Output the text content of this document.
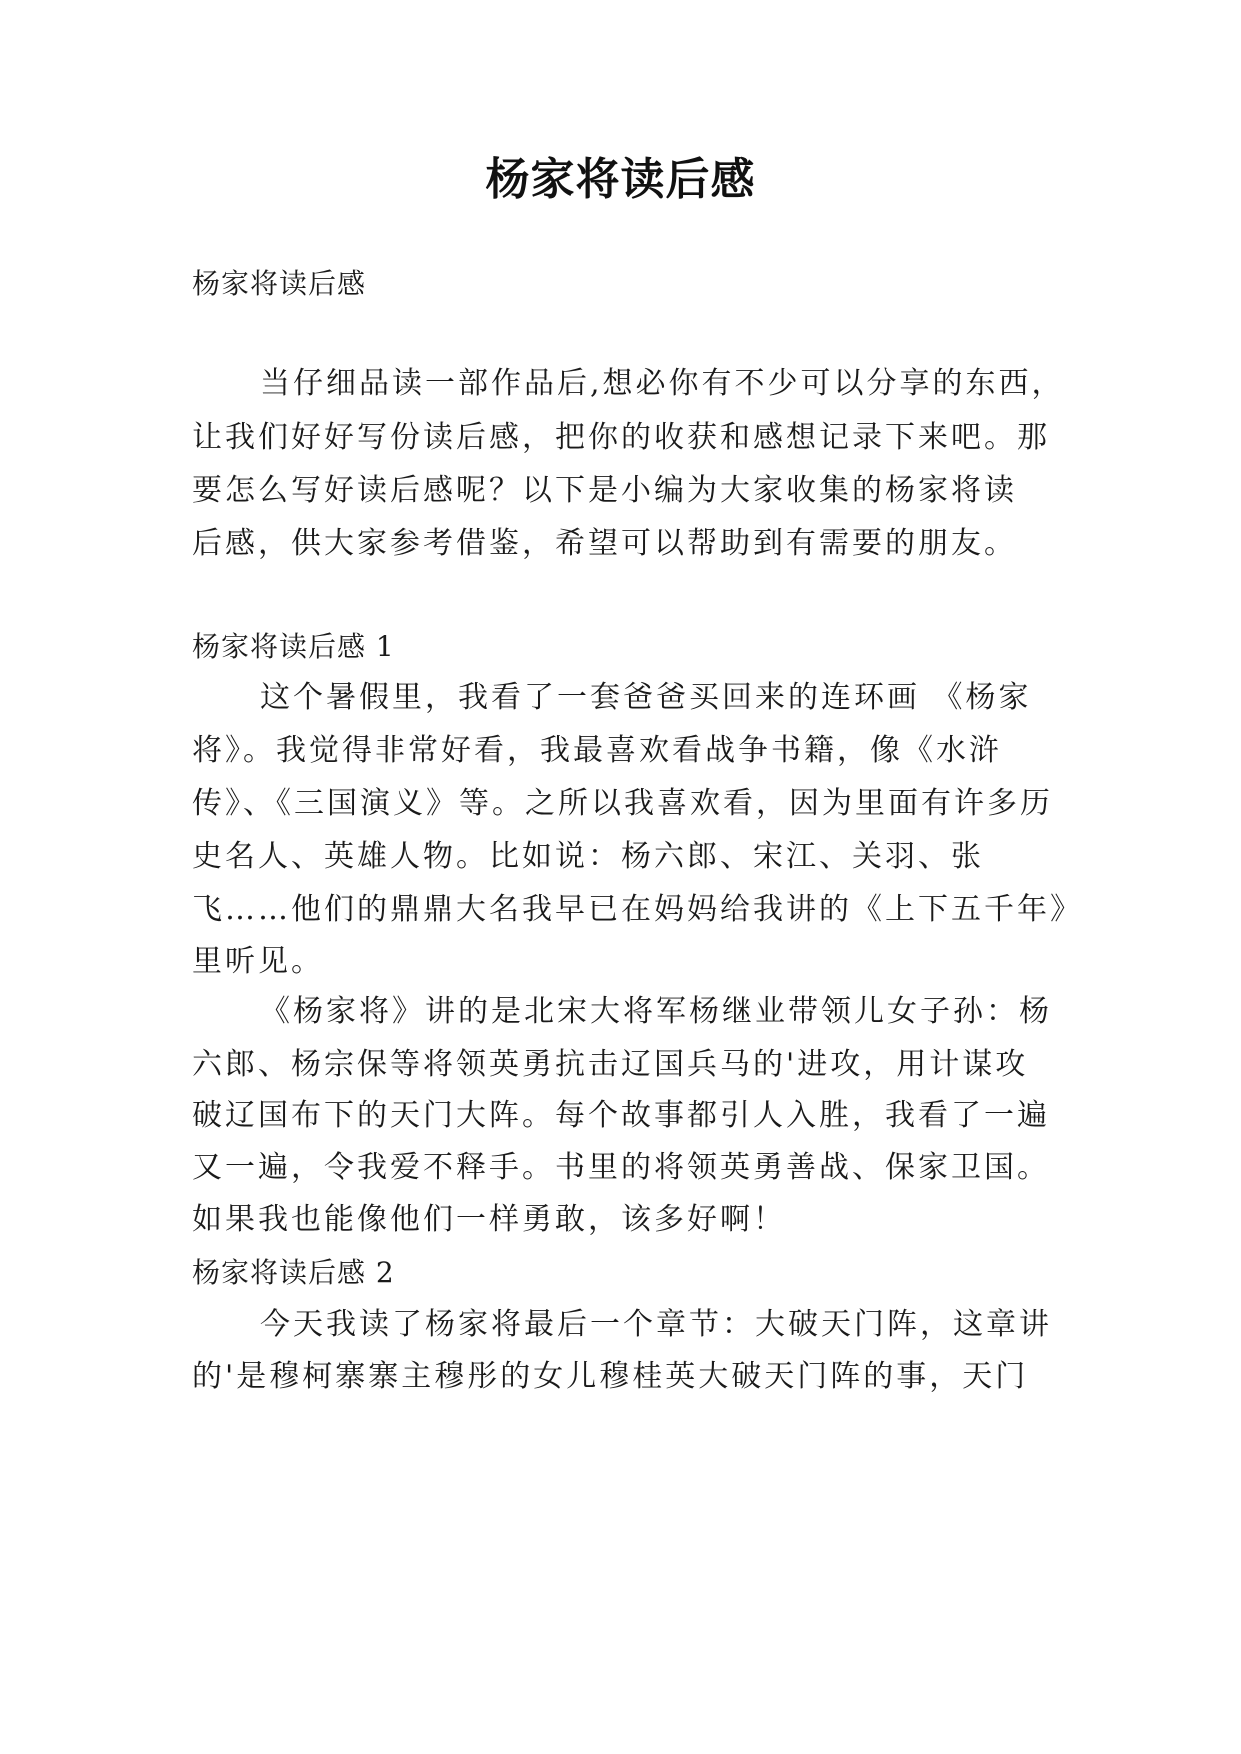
杨家将读后感
杨家将读后感
当仔细品读一部作品后,想必你有不少可以分享的东西，
让我们好好写份读后感，把你的收获和感想记录下来吧。那
要怎么写好读后感呢？以下是小编为大家收集的杨家将读
后感，供大家参考借鉴，希望可以帮助到有需要的朋友。
杨家将读后感 1
这个暑假里，我看了一套爸爸买回来的连环画 《杨家
将》。我觉得非常好看，我最喜欢看战争书籍，像《水浒
传》、《三国演义》等。之所以我喜欢看，因为里面有许多历
史名人、英雄人物。比如说：杨六郎、宋江、关羽、张
飞……他们的鼎鼎大名我早已在妈妈给我讲的《上下五千年》
里听见。
《杨家将》讲的是北宋大将军杨继业带领儿女子孙：杨
六郎、杨宗保等将领英勇抗击辽国兵马的'进攻，用计谋攻
破辽国布下的天门大阵。每个故事都引人入胜，我看了一遍
又一遍，令我爱不释手。书里的将领英勇善战、保家卫国。
如果我也能像他们一样勇敢，该多好啊！
杨家将读后感 2
今天我读了杨家将最后一个章节：大破天门阵，这章讲
的'是穆柯寨寨主穆彤的女儿穆桂英大破天门阵的事，天门
